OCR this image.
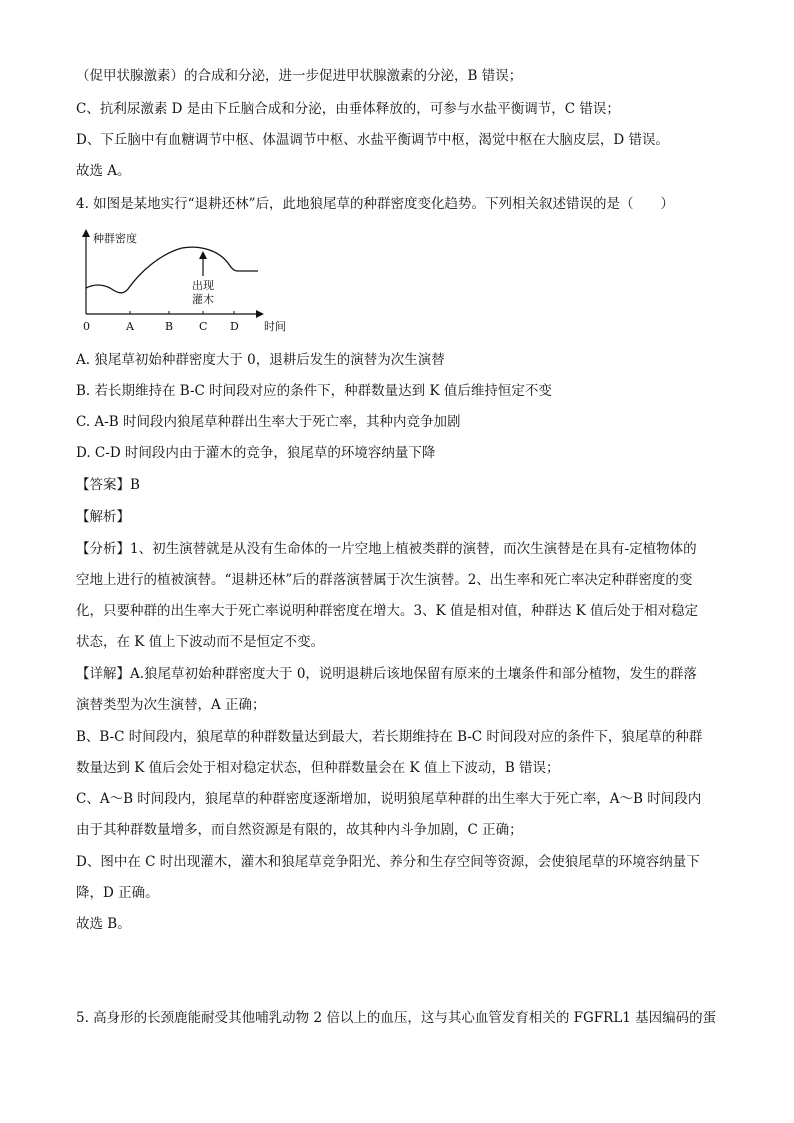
（促甲状腺激素）的合成和分泌，进一步促进甲状腺激素的分泌，B 错误；
C、抗利尿激素 D 是由下丘脑合成和分泌，由垂体释放的，可参与水盐平衡调节，C 错误；
D、下丘脑中有血糖调节中枢、体温调节中枢、水盐平衡调节中枢，渴觉中枢在大脑皮层，D 错误。
故选 A。
4. 如图是某地实行“退耕还林”后，此地狼尾草的种群密度变化趋势。下列相关叙述错误的是（　　）
种群密度
出现
灌木
0	A	B C D 时间
A. 狼尾草初始种群密度大于 0，退耕后发生的演替为次生演替
B. 若长期维持在 B-C 时间段对应的条件下，种群数量达到 K 值后维持恒定不变
C. A-B 时间段内狼尾草种群出生率大于死亡率，其种内竞争加剧
D. C-D 时间段内由于灌木的竞争，狼尾草的环境容纳量下降
【答案】B
【解析】
【分析】1、初生演替就是从没有生命体的一片空地上植被类群的演替，而次生演替是在具有-定植物体的
空地上进行的植被演替。“退耕还林”后的群落演替属于次生演替。2、出生率和死亡率决定种群密度的变
化，只要种群的出生率大于死亡率说明种群密度在增大。3、K 值是相对值，种群达 K 值后处于相对稳定
状态，在 K 值上下波动而不是恒定不变。
【详解】A.狼尾草初始种群密度大于 0，说明退耕后该地保留有原来的土壤条件和部分植物，发生的群落
演替类型为次生演替，A 正确；
B、B-C 时间段内，狼尾草的种群数量达到最大，若长期维持在 B-C 时间段对应的条件下，狼尾草的种群
数量达到 K 值后会处于相对稳定状态，但种群数量会在 K 值上下波动，B 错误；
C、A～B 时间段内，狼尾草的种群密度逐渐增加，说明狼尾草种群的出生率大于死亡率，A～B 时间段内
由于其种群数量增多，而自然资源是有限的，故其种内斗争加剧，C 正确；
D、图中在 C 时出现灌木，灌木和狼尾草竞争阳光、养分和生存空间等资源，会使狼尾草的环境容纳量下
降，D 正确。
故选 B。
5. 高身形的长颈鹿能耐受其他哺乳动物 2 倍以上的血压，这与其心血管发育相关的 FGFRL1 基因编码的蛋
